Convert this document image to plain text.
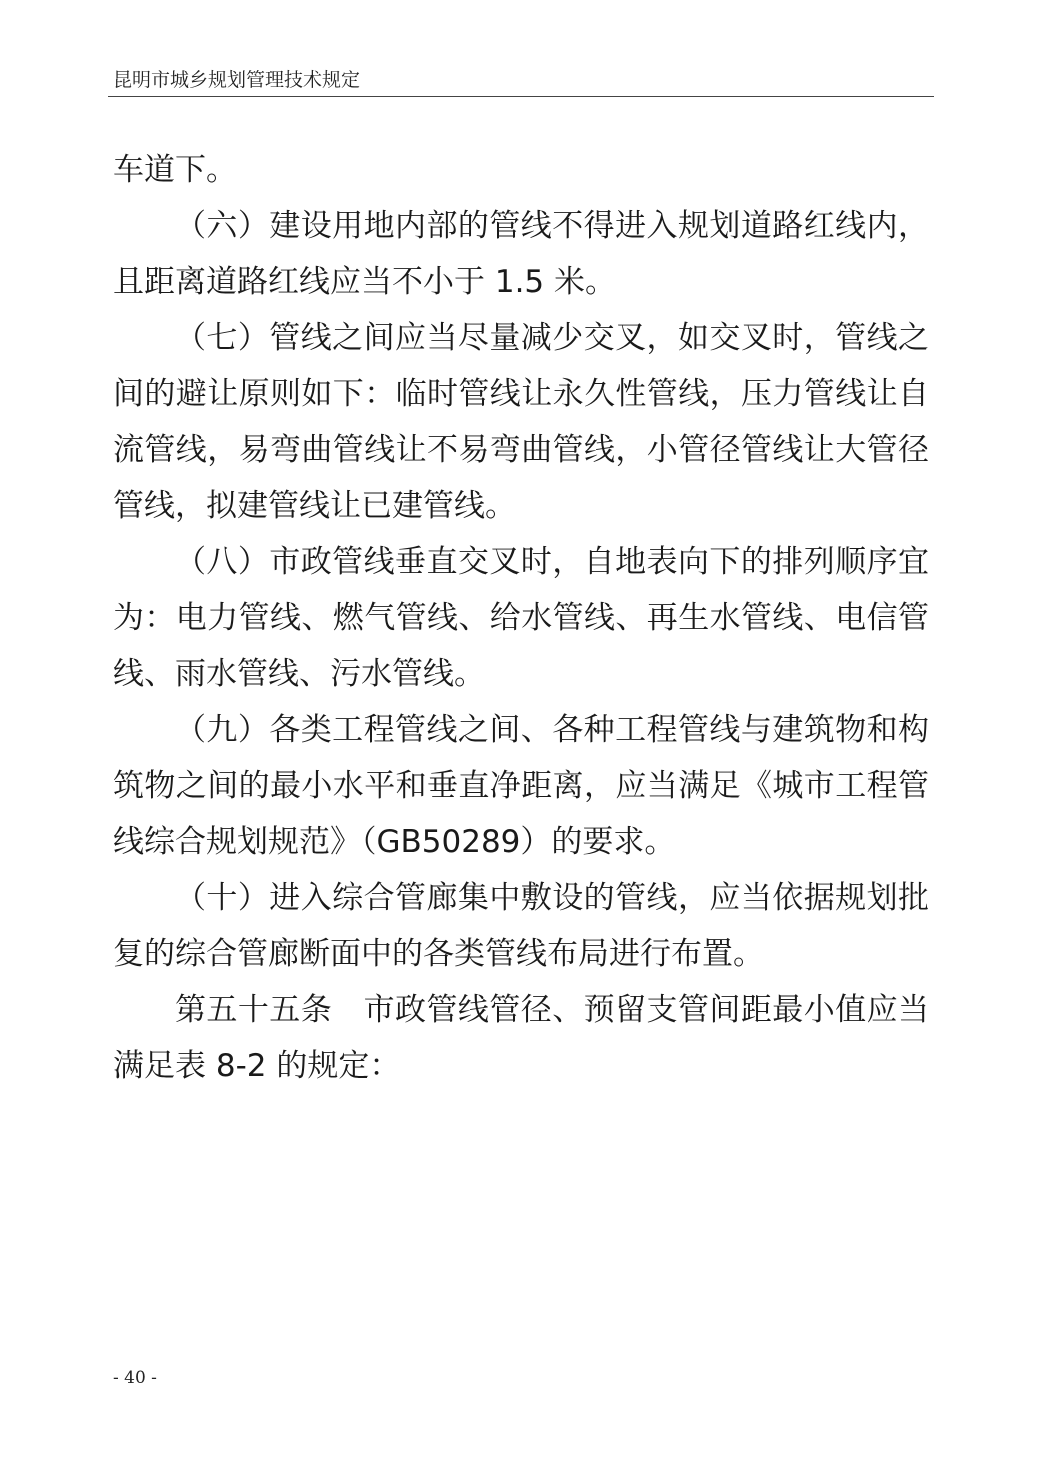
昆明市城乡规划管理技术规定

车道下。

（六）建设用地内部的管线不得进入规划道路红线内，且距离道路红线应当不小于 1.5 米。

（七）管线之间应当尽量减少交叉，如交叉时，管线之间的避让原则如下：临时管线让永久性管线，压力管线让自流管线，易弯曲管线让不易弯曲管线，小管径管线让大管径管线，拟建管线让已建管线。

（八）市政管线垂直交叉时，自地表向下的排列顺序宜为：电力管线、燃气管线、给水管线、再生水管线、电信管线、雨水管线、污水管线。

（九）各类工程管线之间、各种工程管线与建筑物和构筑物之间的最小水平和垂直净距离，应当满足《城市工程管线综合规划规范》（GB50289）的要求。

（十）进入综合管廊集中敷设的管线，应当依据规划批复的综合管廊断面中的各类管线布局进行布置。

第五十五条 市政管线管径、预留支管间距最小值应当满足表 8-2 的规定：

- 40 -
